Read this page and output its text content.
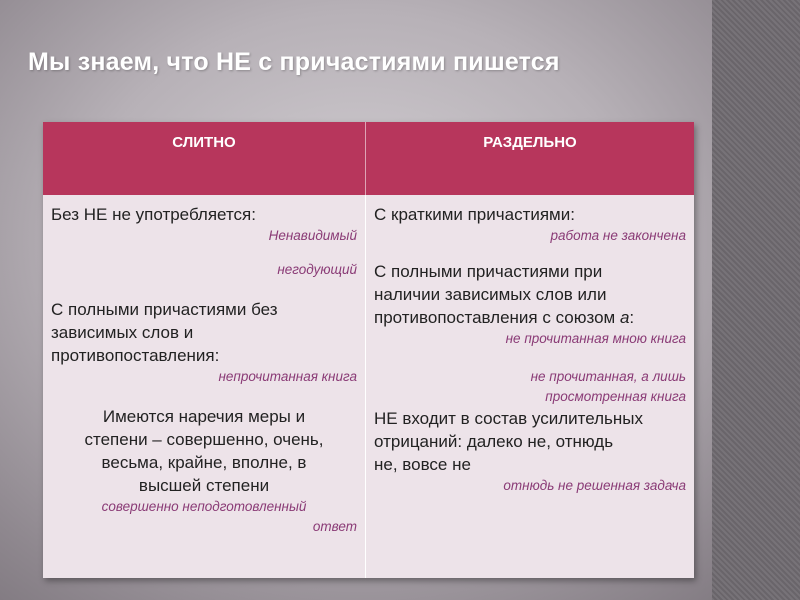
Мы знаем, что НЕ с причастиями пишется
СЛИТНО	РАЗДЕЛЬНО
Без НЕ не употребляется:
Ненавидимый
негодующий
С полными причастиями без
зависимых слов и
противопоставления:
непрочитанная книга
Имеются наречия меры и
степени – совершенно, очень,
весьма, крайне, вполне, в
высшей степени
совершенно неподготовленный
ответ
С краткими причастиями:
работа не закончена
С полными причастиями при
наличии зависимых слов или
противопоставления с союзом а:
не прочитанная мною книга
не прочитанная, а лишь
просмотренная книга
НЕ входит в состав усилительных
отрицаний: далеко не, отнюдь
не, вовсе не
отнюдь не решенная задача
